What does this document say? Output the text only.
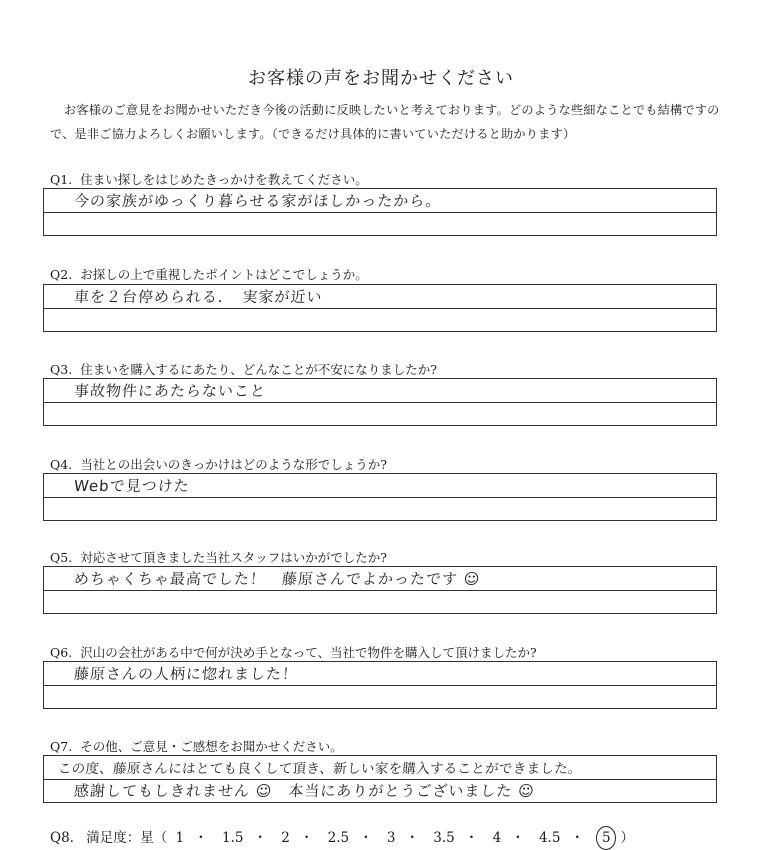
お客様の声をお聞かせください
お客様のご意見をお聞かせいただき今後の活動に反映したいと考えております。どのような些細なことでも結構ですので、是非ご協力よろしくお願いします。（できるだけ具体的に書いていただけると助かります）
Q1. 住まい探しをはじめたきっかけを教えてください。
今の家族がゆっくり暮らせる家がほしかったから。
Q2. お探しの上で重視したポイントはどこでしょうか。
車を２台停められる．　実家が近い
Q3. 住まいを購入するにあたり、どんなことが不安になりましたか?
事故物件にあたらないこと
Q4. 当社との出会いのきっかけはどのような形でしょうか?
Webで見つけた
Q5. 対応させて頂きました当社スタッフはいかがでしたか?
めちゃくちゃ最高でした！　藤原さんでよかったです ☺
Q6. 沢山の会社がある中で何が決め手となって、当社で物件を購入して頂けましたか?
藤原さんの人柄に惚れました！
Q7. その他、ご意見・ご感想をお聞かせください。
この度、藤原さんにはとても良くして頂き、新しい家を購入することができました。
感謝してもしきれません ☺　本当にありがとうございました ☺
Q8. 満足度：星（ 1 ・ 1.5 ・ 2 ・ 2.5 ・ 3 ・ 3.5 ・ 4 ・ 4.5 ・ 5 ）
